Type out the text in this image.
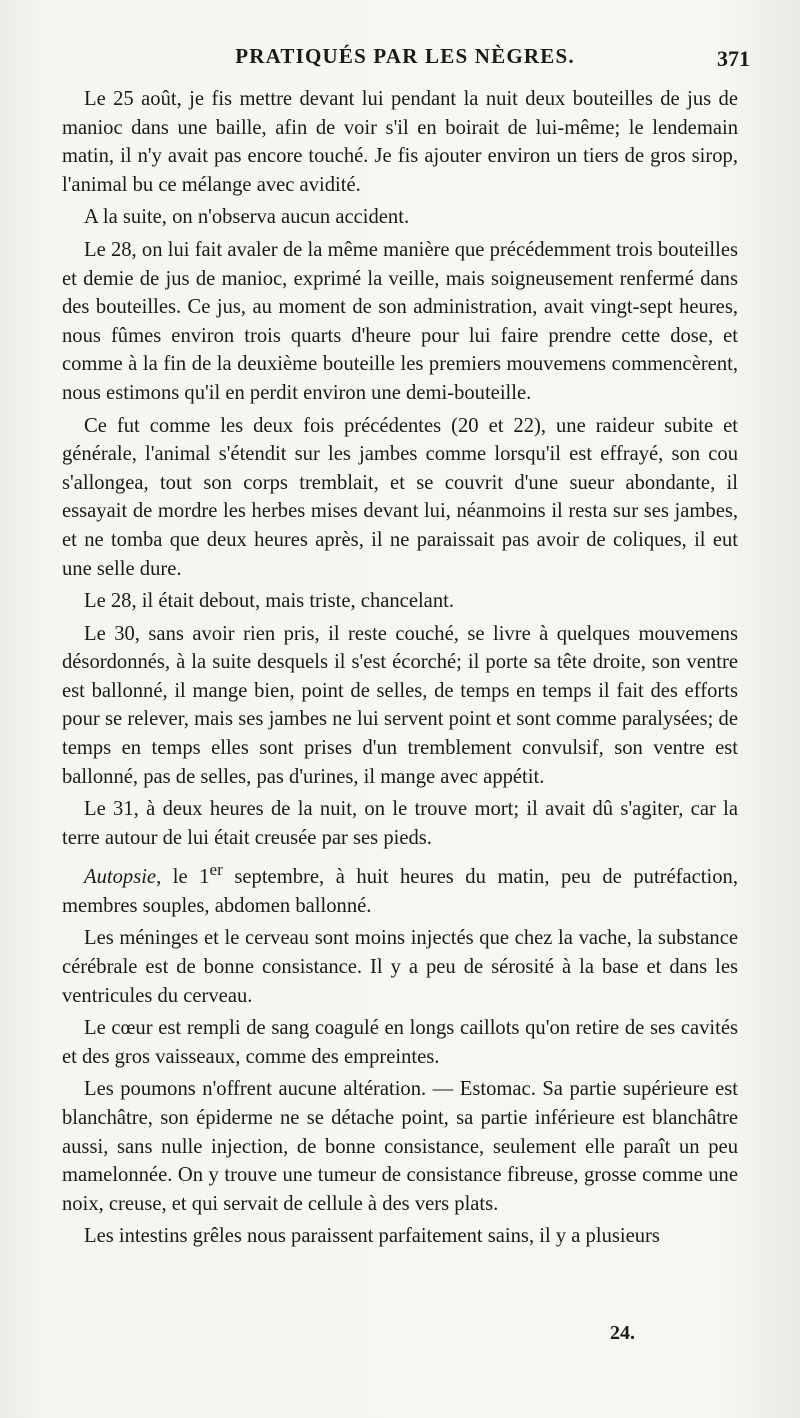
PRATIQUÉS PAR LES NÈGRES.	371

Le 25 août, je fis mettre devant lui pendant la nuit deux bouteilles de jus de manioc dans une baille, afin de voir s'il en boirait de lui-même; le lendemain matin, il n'y avait pas encore touché. Je fis ajouter environ un tiers de gros sirop, l'animal bu ce mélange avec avidité.

A la suite, on n'observa aucun accident.

Le 28, on lui fait avaler de la même manière que précédemment trois bouteilles et demie de jus de manioc, exprimé la veille, mais soigneusement renfermé dans des bouteilles. Ce jus, au moment de son administration, avait vingt-sept heures, nous fûmes environ trois quarts d'heure pour lui faire prendre cette dose, et comme à la fin de la deuxième bouteille les premiers mouvemens commencèrent, nous estimons qu'il en perdit environ une demi-bouteille.

Ce fut comme les deux fois précédentes (20 et 22), une raideur subite et générale, l'animal s'étendit sur les jambes comme lorsqu'il est effrayé, son cou s'allongea, tout son corps tremblait, et se couvrit d'une sueur abondante, il essayait de mordre les herbes mises devant lui, néanmoins il resta sur ses jambes, et ne tomba que deux heures après, il ne paraissait pas avoir de coliques, il eut une selle dure.

Le 28, il était debout, mais triste, chancelant.

Le 30, sans avoir rien pris, il reste couché, se livre à quelques mouvemens désordonnés, à la suite desquels il s'est écorché; il porte sa tête droite, son ventre est ballonné, il mange bien, point de selles, de temps en temps il fait des efforts pour se relever, mais ses jambes ne lui servent point et sont comme paralysées; de temps en temps elles sont prises d'un tremblement convulsif, son ventre est ballonné, pas de selles, pas d'urines, il mange avec appétit.

Le 31, à deux heures de la nuit, on le trouve mort; il avait dû s'agiter, car la terre autour de lui était creusée par ses pieds.

Autopsie, le 1er septembre, à huit heures du matin, peu de putréfaction, membres souples, abdomen ballonné.

Les méninges et le cerveau sont moins injectés que chez la vache, la substance cérébrale est de bonne consistance. Il y a peu de sérosité à la base et dans les ventricules du cerveau.

Le cœur est rempli de sang coagulé en longs caillots qu'on retire de ses cavités et des gros vaisseaux, comme des empreintes.

Les poumons n'offrent aucune altération. — Estomac. Sa partie supérieure est blanchâtre, son épiderme ne se détache point, sa partie inférieure est blanchâtre aussi, sans nulle injection, de bonne consistance, seulement elle paraît un peu mamelonnée. On y trouve une tumeur de consistance fibreuse, grosse comme une noix, creuse, et qui servait de cellule à des vers plats.

Les intestins grêles nous paraissent parfaitement sains, il y a plusieurs

24.
